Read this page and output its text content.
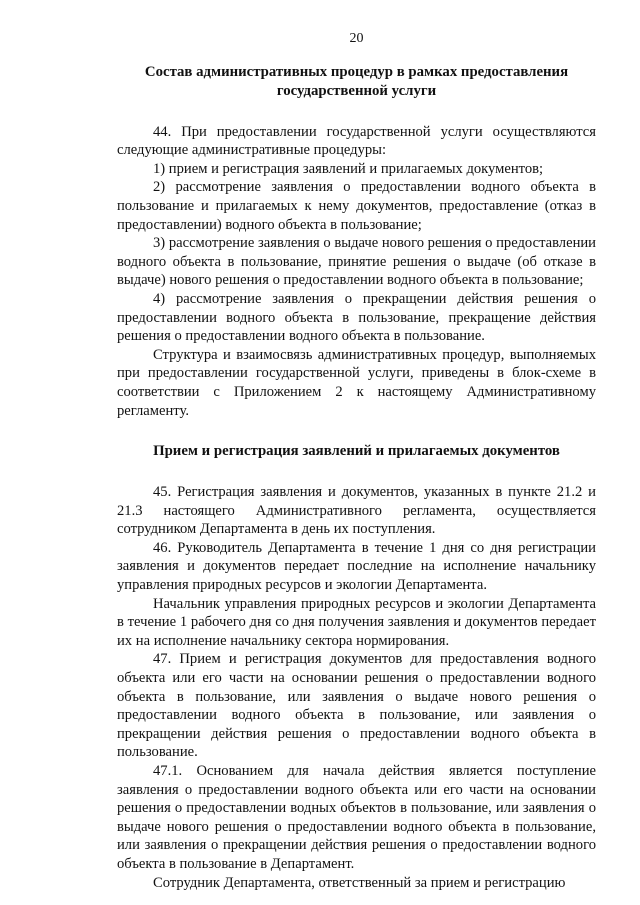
20
Состав административных процедур в рамках предоставления государственной услуги

44. При предоставлении государственной услуги осуществляются следующие административные процедуры:

1) прием и регистрация заявлений и прилагаемых документов;

2) рассмотрение заявления о предоставлении водного объекта в пользование и прилагаемых к нему документов, предоставление (отказ в предоставлении) водного объекта в пользование;

3) рассмотрение заявления о выдаче нового решения о предоставлении водного объекта в пользование, принятие решения о выдаче (об отказе в выдаче) нового решения о предоставлении водного объекта в пользование;

4) рассмотрение заявления о прекращении действия решения о предоставлении водного объекта в пользование, прекращение действия решения о предоставлении водного объекта в пользование.

Структура и взаимосвязь административных процедур, выполняемых при предоставлении государственной услуги, приведены в блок-схеме в соответствии с Приложением 2 к настоящему Административному регламенту.

Прием и регистрация заявлений и прилагаемых документов

45. Регистрация заявления и документов, указанных в пункте 21.2 и 21.3 настоящего Административного регламента, осуществляется сотрудником Департамента в день их поступления.

46. Руководитель Департамента в течение 1 дня со дня регистрации заявления и документов передает последние на исполнение начальнику управления природных ресурсов и экологии Департамента.

Начальник управления природных ресурсов и экологии Департамента в течение 1 рабочего дня со дня получения заявления и документов передает их на исполнение начальнику сектора нормирования.

47. Прием и регистрация документов для предоставления водного объекта или его части на основании решения о предоставлении водного объекта в пользование, или заявления о выдаче нового решения о предоставлении водного объекта в пользование, или заявления о прекращении действия решения о предоставлении водного объекта в пользование.

47.1. Основанием для начала действия является поступление заявления о предоставлении водного объекта или его части на основании решения о предоставлении водных объектов в пользование, или заявления о выдаче нового решения о предоставлении водного объекта в пользование, или заявления о прекращении действия решения о предоставлении водного объекта в пользование в Департамент.

Сотрудник Департамента, ответственный за прием и регистрацию
